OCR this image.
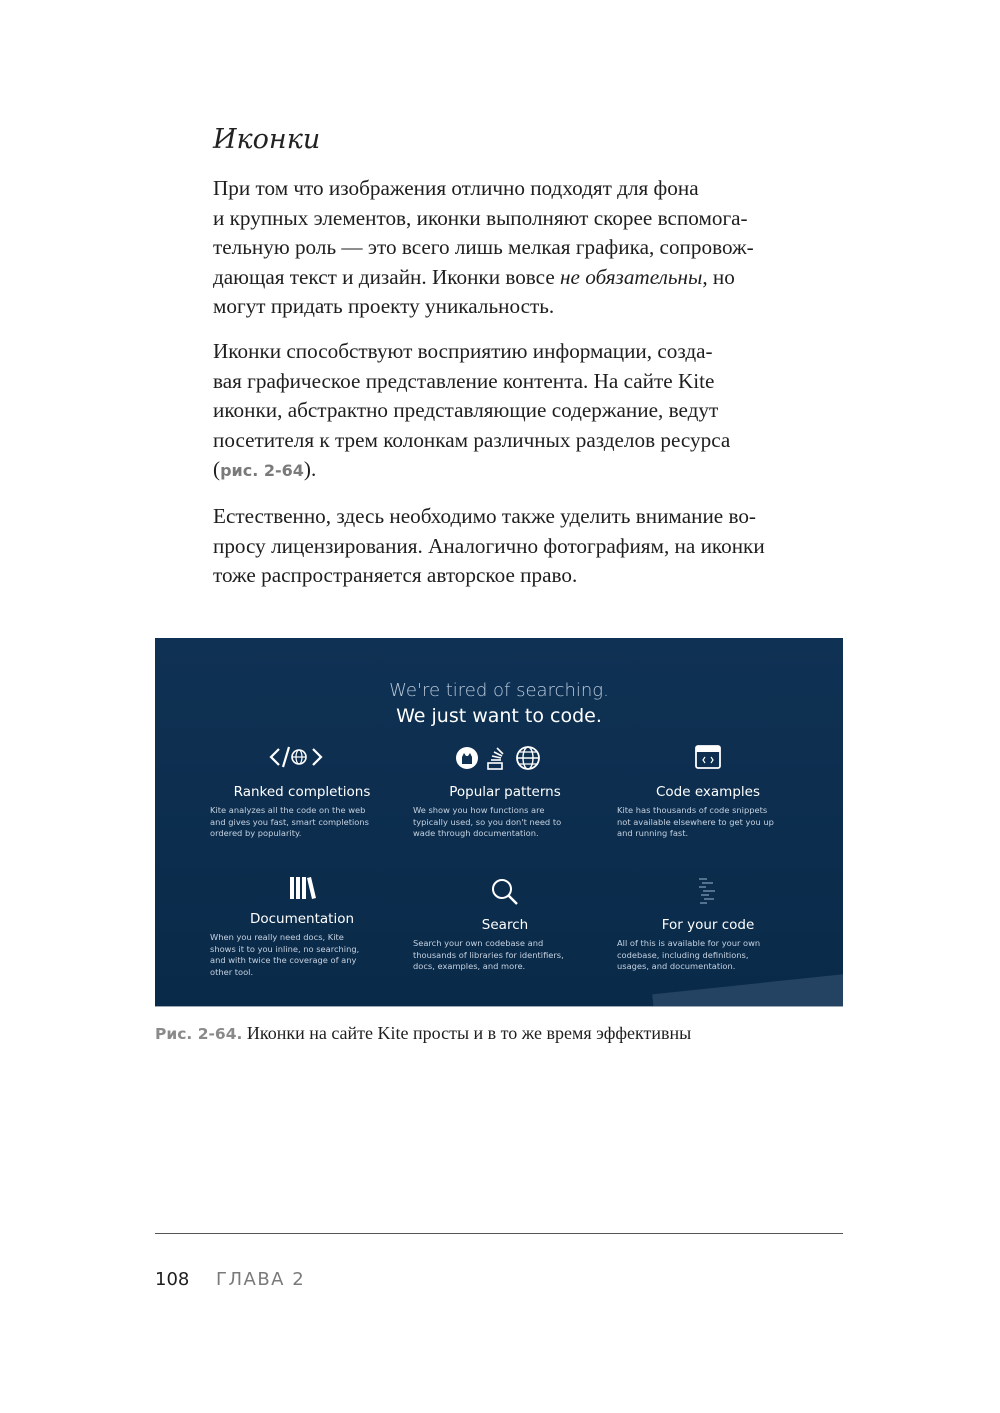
Иконки
При том что изображения отлично подходят для фона
и крупных элементов, иконки выполняют скорее вспомога-
тельную роль — это всего лишь мелкая графика, сопровож-
дающая текст и дизайн. Иконки вовсе не обязательны, но
могут придать проекту уникальность.
Иконки способствуют восприятию информации, созда-
вая графическое представление контента. На сайте Kite
иконки, абстрактно представляющие содержание, ведут
посетителя к трем колонкам различных разделов ресурса
(рис. 2-64).
Естественно, здесь необходимо также уделить внимание во-
просу лицензирования. Аналогично фотографиям, на иконки
тоже распространяется авторское право.
We're tired of searching.
We just want to code.
Ranked completions
Kite analyzes all the code on the web
and gives you fast, smart completions
ordered by popularity.
Popular patterns
We show you how functions are
typically used, so you don't need to
wade through documentation.
Code examples
Kite has thousands of code snippets
not available elsewhere to get you up
and running fast.
Documentation
When you really need docs, Kite
shows it to you inline, no searching,
and with twice the coverage of any
other tool.
Search
Search your own codebase and
thousands of libraries for identifiers,
docs, examples, and more.
For your code
All of this is available for your own
codebase, including definitions,
usages, and documentation.
Рис. 2-64. Иконки на сайте Kite просты и в то же время эффективны
108 ГЛАВА 2
